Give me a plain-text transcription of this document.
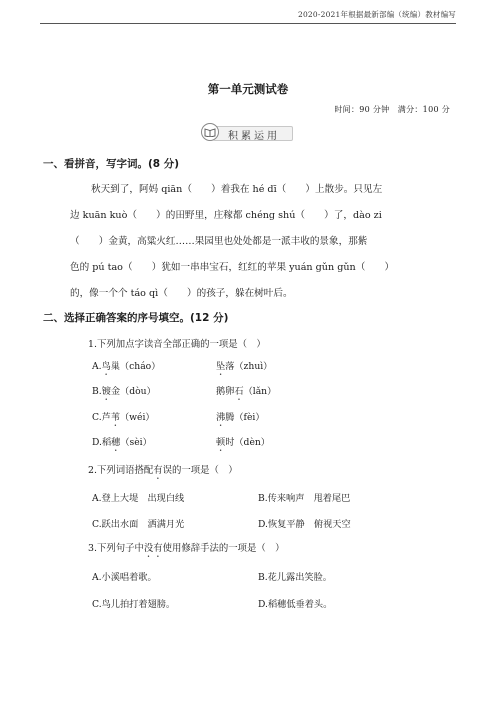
2020-2021年根据最新部编（统编）教材编写
第一单元测试卷
时间：90 分钟　满分：100 分
积累运用
一、看拼音，写字词。(8 分)
秋天到了，阿妈 qiān（　　）着我在 hé dī（　　）上散步。只见左
边 kuān kuò（　　）的田野里，庄稼都 chéng shú（　　）了，dào zi
（　　）金黄，高粱火红……果园里也处处都是一派丰收的景象，那紫
色的 pú tao（　　）犹如一串串宝石，红红的苹果 yuán gǔn gǔn（　　）
的，像一个个 táo qì（　　）的孩子，躲在树叶后。
二、选择正确答案的序号填空。(12 分)
1.下列加点字读音全部正确的一项是（　）
A.鸟巢（cháo）	坠落（zhuì）
B.镀金（dòu）	鹅卵石（lǎn）
C.芦苇（wéi）	沸腾（fèi）
D.稻穗（sèi）	顿时（dèn）
2.下列词语搭配有误的一项是（　）
A.登上大堤　出现白线	B.传来响声　甩着尾巴
C.跃出水面　洒满月光	D.恢复平静　俯视天空
3.下列句子中没有使用修辞手法的一项是（　）
A.小溪唱着歌。	B.花儿露出笑脸。
C.鸟儿拍打着翅膀。	D.稻穗低垂着头。
